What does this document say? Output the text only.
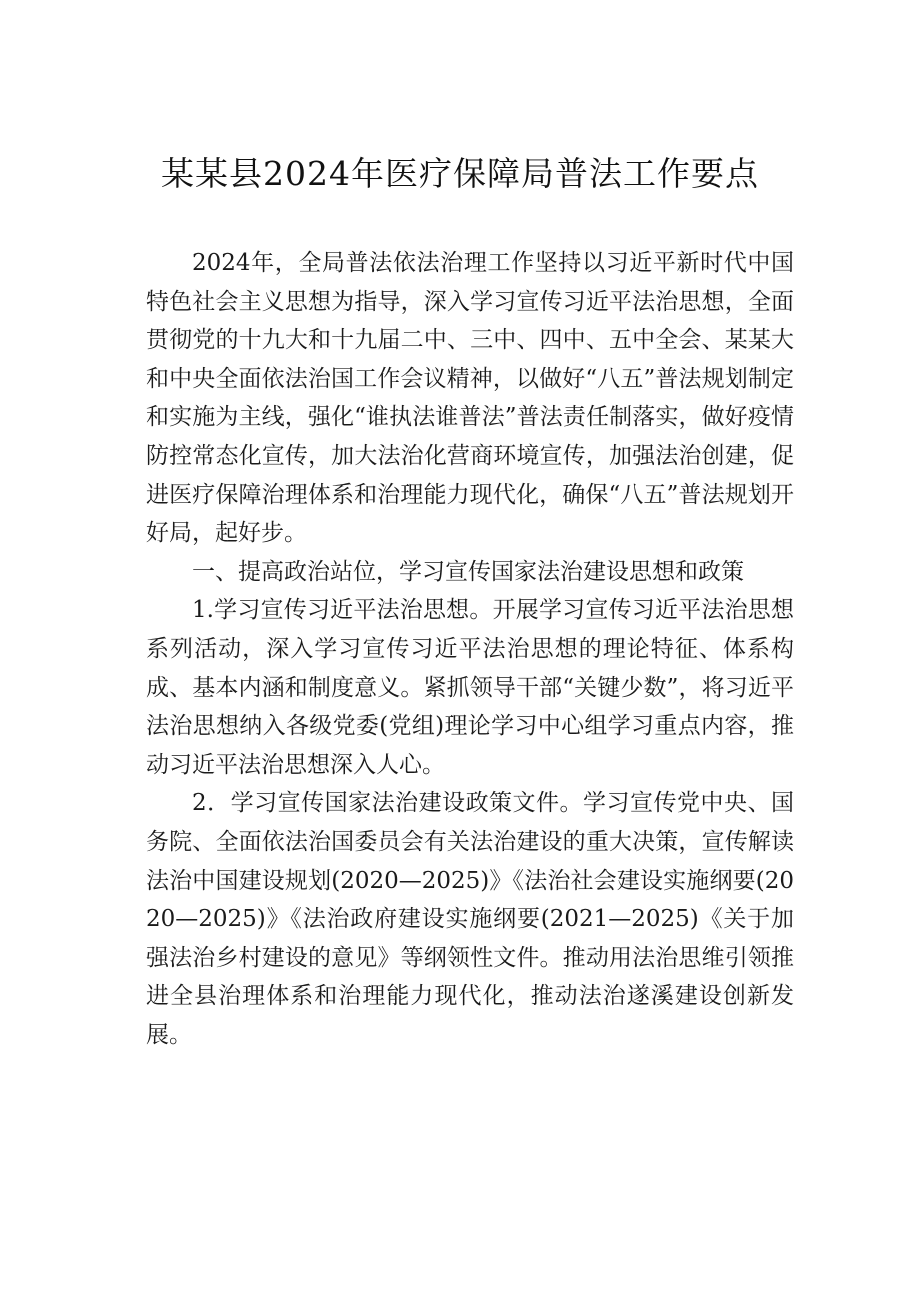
某某县2024年医疗保障局普法工作要点

2024年，全局普法依法治理工作坚持以习近平新时代中国特色社会主义思想为指导，深入学习宣传习近平法治思想，全面贯彻党的十九大和十九届二中、三中、四中、五中全会、某某大和中央全面依法治国工作会议精神，以做好“八五”普法规划制定和实施为主线，强化“谁执法谁普法”普法责任制落实，做好疫情防控常态化宣传，加大法治化营商环境宣传，加强法治创建，促进医疗保障治理体系和治理能力现代化，确保“八五”普法规划开好局，起好步。

一、提高政治站位，学习宣传国家法治建设思想和政策

1.学习宣传习近平法治思想。开展学习宣传习近平法治思想系列活动，深入学习宣传习近平法治思想的理论特征、体系构成、基本内涵和制度意义。紧抓领导干部“关键少数”，将习近平法治思想纳入各级党委(党组)理论学习中心组学习重点内容，推动习近平法治思想深入人心。

2．学习宣传国家法治建设政策文件。学习宣传党中央、国务院、全面依法治国委员会有关法治建设的重大决策，宣传解读法治中国建设规划(2020—2025)》《法治社会建设实施纲要(2020—2025)》《法治政府建设实施纲要(2021—2025)《关于加强法治乡村建设的意见》等纲领性文件。推动用法治思维引领推进全县治理体系和治理能力现代化，推动法治遂溪建设创新发展。
